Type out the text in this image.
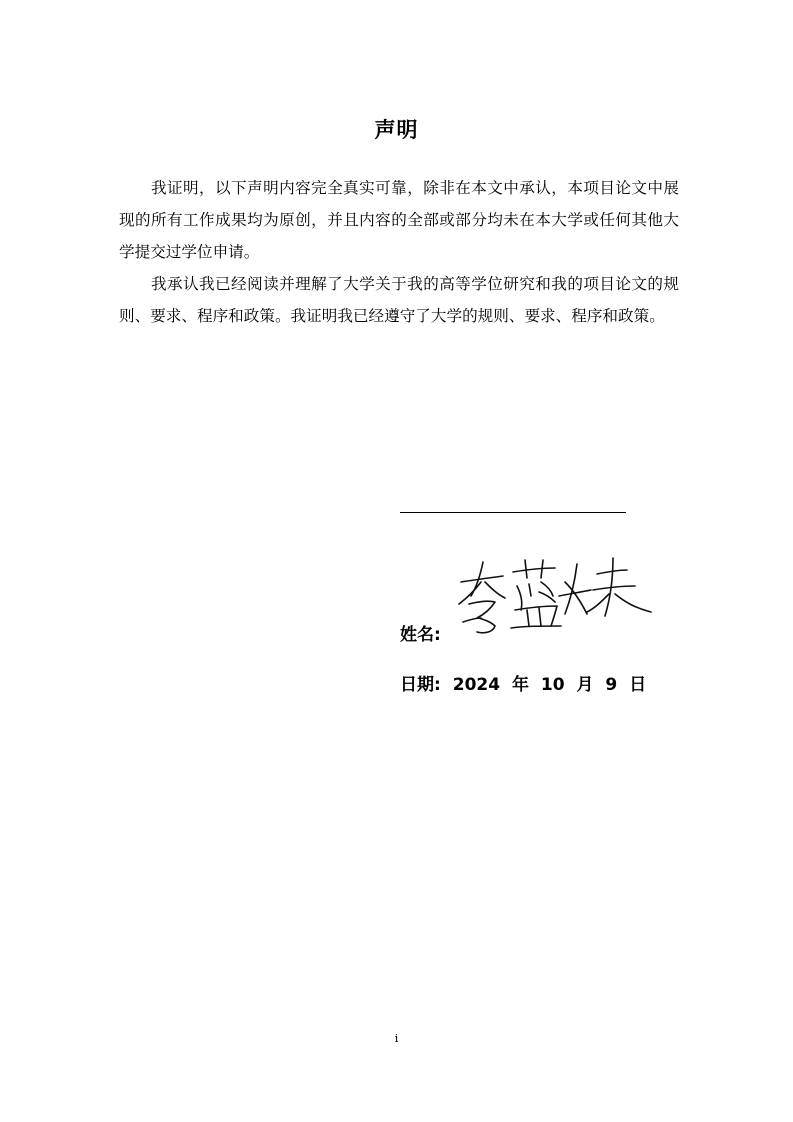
声明

我证明，以下声明内容完全真实可靠，除非在本文中承认，本项目论文中展现的所有工作成果均为原创，并且内容的全部或部分均未在本大学或任何其他大学提交过学位申请。

我承认我已经阅读并理解了大学关于我的高等学位研究和我的项目论文的规则、要求、程序和政策。我证明我已经遵守了大学的规则、要求、程序和政策。

姓名:
日期: 2024 年 10 月 9 日
i
